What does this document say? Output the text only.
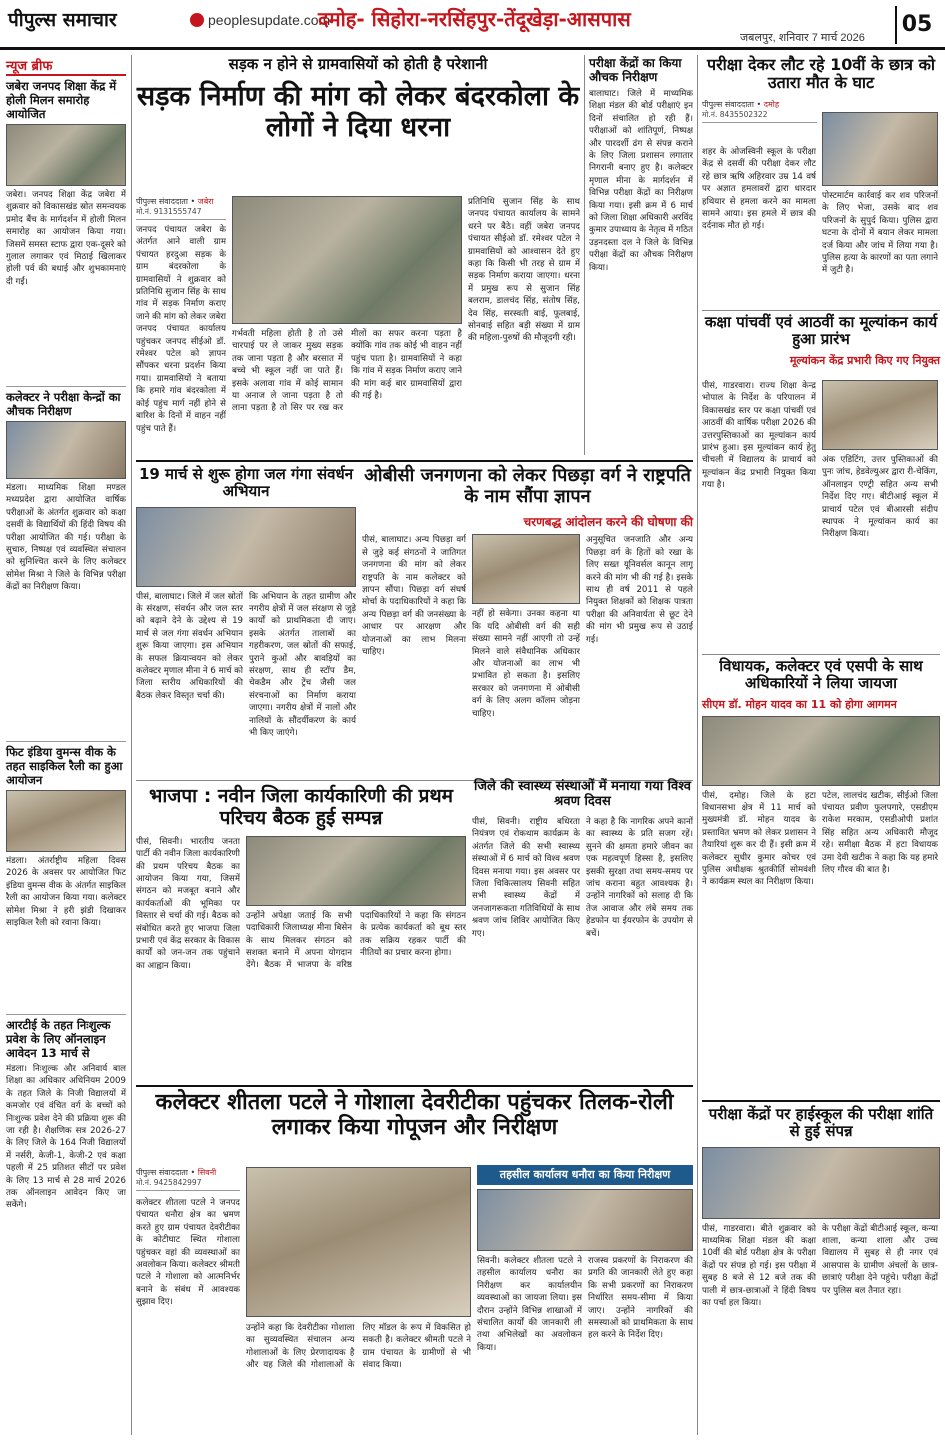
पीपुल्स समाचार	peoplesupdate.com
दमोह- सिहोरा-नरसिंहपुर-तेंदूखेड़ा-आसपास
जबलपुर, शनिवार 7 मार्च 2026
05
न्यूज ब्रीफ
जबेरा जनपद शिक्षा केंद्र में होली मिलन समारोह आयोजित
जबेरा। जनपद शिक्षा केंद्र जबेरा में शुक्रवार को विकासखंड स्रोत समन्वयक प्रमोद बैंच के मार्गदर्शन में होली मिलन समारोह का आयोजन किया गया। जिसमें समस्त स्टाफ द्वारा एक-दूसरे को गुलाल लगाकर एवं मिठाई खिलाकर होली पर्व की बधाई और शुभकामनाएं दी गईं।
कलेक्टर ने परीक्षा केन्द्रों का औचक निरीक्षण
मंडला। माध्यमिक शिक्षा मण्डल मध्यप्रदेश द्वारा आयोजित वार्षिक परीक्षाओं के अंतर्गत शुक्रवार को कक्षा दसवीं के विद्यार्थियों की हिंदी विषय की परीक्षा आयोजित की गई। परीक्षा के सुचारु, निष्पक्ष एवं व्यवस्थित संचालन को सुनिश्चित करने के लिए कलेक्टर सोमेश मिश्रा ने जिले के विभिन्न परीक्षा केंद्रों का निरीक्षण किया।
फिट इंडिया वुमन्स वीक के तहत साइकिल रैली का हुआ आयोजन
मंडला। अंतर्राष्ट्रीय महिला दिवस 2026 के अवसर पर आयोजित फिट इंडिया वुमन्स वीक के अंतर्गत साइकिल रैली का आयोजन किया गया। कलेक्टर सोमेश मिश्रा ने हरी झंडी दिखाकर साइकिल रैली को रवाना किया।
आरटीई के तहत निःशुल्क प्रवेश के लिए ऑनलाइन आवेदन 13 मार्च से
मंडला। निःशुल्क और अनिवार्य बाल शिक्षा का अधिकार अधिनियम 2009 के तहत जिले के निजी विद्यालयों में कमजोर एवं वंचित वर्ग के बच्चों को निःशुल्क प्रवेश देने की प्रक्रिया शुरू की जा रही है। शैक्षणिक सत्र 2026-27 के लिए जिले के 164 निजी विद्यालयों में नर्सरी, केजी-1, केजी-2 एवं कक्षा पहली में 25 प्रतिशत सीटों पर प्रवेश के लिए 13 मार्च से 28 मार्च 2026 तक ऑनलाइन आवेदन किए जा सकेंगे।
सड़क न होने से ग्रामवासियों को होती है परेशानी
सड़क निर्माण की मांग को लेकर बंदरकोला के लोगों ने दिया धरना
पीपुल्स संवाददाता • जबेरा
मो.नं. 9131555747
जनपद पंचायत जबेरा के अंतर्गत आने वाली ग्राम पंचायत हरदुआ सड़क के ग्राम बंदरकोला के ग्रामवासियों ने शुक्रवार को प्रतिनिधि सुजान सिंह के साथ गांव में सड़क निर्माण कराए जाने की मांग को लेकर जबेरा जनपद पंचायत कार्यालय पहुंचकर जनपद सीईओ डॉ. रमेश्वर पटेल को ज्ञापन सौंपकर धरना प्रदर्शन किया गया। ग्रामवासियों ने बताया कि हमारे गांव बंदरकोला में कोई पहुंच मार्ग नहीं होने से बारिश के दिनों में वाहन नहीं पहुंच पाते हैं।
गर्भवती महिला होती है तो उसे चारपाई पर ले जाकर मुख्य सड़क तक जाना पड़ता है और बरसात में बच्चे भी स्कूल नहीं जा पाते हैं। इसके अलावा गांव में कोई सामान या अनाज ले जाना पड़ता है तो लाना पड़ता है तो सिर पर रख कर मीलों का सफर करना पड़ता है क्योंकि गांव तक कोई भी वाहन नहीं पहुंच पाता है। ग्रामवासियों ने कहा कि गांव में सड़क निर्माण कराए जाने की मांग कई बार ग्रामवासियों द्वारा की गई है।
प्रतिनिधि सुजान सिंह के साथ जनपद पंचायत कार्यालय के सामने धरने पर बैठे। वहीं जबेरा जनपद पंचायत सीईओ डॉ. रमेश्वर पटेल ने ग्रामवासियों को आश्वासन देते हुए कहा कि किसी भी तरह से ग्राम में सड़क निर्माण कराया जाएगा। धरना में प्रमुख रूप से सुजान सिंह बलराम, डालचंद सिंह, संतोष सिंह, देव सिंह, सरस्वती बाई, फूलबाई, सोनबाई सहित बड़ी संख्या में ग्राम की महिला-पुरुषों की मौजूदगी रही।
परीक्षा केंद्रों का किया औचक निरीक्षण
बालाघाट। जिले में माध्यमिक शिक्षा मंडल की बोर्ड परीक्षाएं इन दिनों संचालित हो रही हैं। परीक्षाओं को शांतिपूर्ण, निष्पक्ष और पारदर्शी ढंग से संपन्न कराने के लिए जिला प्रशासन लगातार निगरानी बनाए हुए है। कलेक्टर मृणाल मीना के मार्गदर्शन में विभिन्न परीक्षा केंद्रों का निरीक्षण किया गया। इसी क्रम में 6 मार्च को जिला शिक्षा अधिकारी अरविंद कुमार उपाध्याय के नेतृत्व में गठित उड़नदस्ता दल ने जिले के विभिन्न परीक्षा केंद्रों का औचक निरीक्षण किया।
19 मार्च से शुरू होगा जल गंगा संवर्धन अभियान
पीसं, बालाघाट। जिले में जल स्रोतों के संरक्षण, संवर्धन और जल स्तर को बढ़ाने देने के उद्देश्य से 19 मार्च से जल गंगा संवर्धन अभियान शुरू किया जाएगा। इस अभियान के सफल क्रियान्वयन को लेकर कलेक्टर मृणाल मीना ने 6 मार्च को जिला स्तरीय अधिकारियों की बैठक लेकर विस्तृत चर्चा की।
कि अभियान के तहत ग्रामीण और नगरीय क्षेत्रों में जल संरक्षण से जुड़े कार्यों को प्राथमिकता दी जाए। इसके अंतर्गत तालाबों का गहरीकरण, जल स्रोतों की सफाई, पुराने कुओं और बावड़ियों का संरक्षण, साथ ही स्टॉप डैम, चेकडैम और ट्रेंच जैसी जल संरचनाओं का निर्माण कराया जाएगा। नगरीय क्षेत्रों में नालों और नालियों के सौंदर्यीकरण के कार्य भी किए जाएंगे।
ओबीसी जनगणना को लेकर पिछड़ा वर्ग ने राष्ट्रपति के नाम सौंपा ज्ञापन
चरणबद्ध आंदोलन करने की घोषणा की
पीसं, बालाघाट। अन्य पिछड़ा वर्ग से जुड़े कई संगठनों ने जातिगत जनगणना की मांग को लेकर राष्ट्रपति के नाम कलेक्टर को ज्ञापन सौंपा। पिछड़ा वर्ग संघर्ष मोर्चा के पदाधिकारियों ने कहा कि अन्य पिछड़ा वर्ग की जनसंख्या के आधार पर आरक्षण और योजनाओं का लाभ मिलना चाहिए।
नहीं हो सकेगा। उनका कहना था कि यदि ओबीसी वर्ग की सही संख्या सामने नहीं आएगी तो उन्हें मिलने वाले संवैधानिक अधिकार और योजनाओं का लाभ भी प्रभावित हो सकता है। इसलिए सरकार को जनगणना में ओबीसी वर्ग के लिए अलग कॉलम जोड़ना चाहिए।
अनुसूचित जनजाति और अन्य पिछड़ा वर्ग के हितों को रखा के लिए सख्त यूनिवर्सल कानून लागू करने की मांग भी की गई है। इसके साथ ही वर्ष 2011 से पहले नियुक्त शिक्षकों को शिक्षक पात्रता परीक्षा की अनिवार्यता से छूट देने की मांग भी प्रमुख रूप से उठाई गई।
भाजपा : नवीन जिला कार्यकारिणी की प्रथम परिचय बैठक हुई सम्पन्न
पीसं, सिवनी। भारतीय जनता पार्टी की नवीन जिला कार्यकारिणी की प्रथम परिचय बैठक का आयोजन किया गया, जिसमें संगठन को मजबूत बनाने और कार्यकर्ताओं की भूमिका पर विस्तार से चर्चा की गई। बैठक को संबोधित करते हुए भाजपा जिला प्रभारी एवं केंद्र सरकार के विकास कार्यों को जन-जन तक पहुंचाने का आह्वान किया।
उन्होंने अपेक्षा जताई कि सभी पदाधिकारी जिलाध्यक्ष मीना बिसेन के साथ मिलकर संगठन को सशक्त बनाने में अपना योगदान देंगे। बैठक में भाजपा के वरिष्ठ पदाधिकारियों ने कहा कि संगठन के प्रत्येक कार्यकर्ता को बूथ स्तर तक सक्रिय रहकर पार्टी की नीतियों का प्रचार करना होगा।
जिले की स्वास्थ्य संस्थाओं में मनाया गया विश्व श्रवण दिवस
पीसं, सिवनी। राष्ट्रीय बधिरता नियंत्रण एवं रोकथाम कार्यक्रम के अंतर्गत जिले की सभी स्वास्थ्य संस्थाओं में 6 मार्च को विश्व श्रवण दिवस मनाया गया। इस अवसर पर जिला चिकित्सालय सिवनी सहित सभी स्वास्थ्य केंद्रों में जनजागरूकता गतिविधियों के साथ श्रवण जांच शिविर आयोजित किए गए।
ने कहा है कि नागरिक अपने कानों का स्वास्थ्य के प्रति सजग रहें। सुनने की क्षमता हमारे जीवन का एक महत्वपूर्ण हिस्सा है, इसलिए इसकी सुरक्षा तथा समय-समय पर जांच कराना बहुत आवश्यक है। उन्होंने नागरिकों को सलाह दी कि तेज आवाज और लंबे समय तक हेडफोन या ईयरफोन के उपयोग से बचें।
कलेक्टर शीतला पटले ने गोशाला देवरीटीका पहुंचकर तिलक-रोली लगाकर किया गोपूजन और निरीक्षण
पीपुल्स संवाददाता • सिवनी
मो.नं. 9425842997
कलेक्टर शीतला पटले ने जनपद पंचायत धनौरा क्षेत्र का भ्रमण करते हुए ग्राम पंचायत देवरीटीका के कोटीघाट स्थित गोशाला पहुंचकर वहां की व्यवस्थाओं का अवलोकन किया। कलेक्टर श्रीमती पटले ने गोशाला को आत्मनिर्भर बनाने के संबंध में आवश्यक सुझाव दिए।
उन्होंने कहा कि देवरीटीका गोशाला का सुव्यवस्थित संचालन अन्य गोशालाओं के लिए प्रेरणादायक है और यह जिले की गोशालाओं के लिए मॉडल के रूप में विकसित हो सकती है। कलेक्टर श्रीमती पटले ने ग्राम पंचायत के ग्रामीणों से भी संवाद किया।
तहसील कार्यालय धनौरा का किया निरीक्षण
सिवनी। कलेक्टर शीतला पटले ने तहसील कार्यालय धनौरा का निरीक्षण कर कार्यालयीन व्यवस्थाओं का जायजा लिया। इस दौरान उन्होंने विभिन्न शाखाओं में संचालित कार्यों की जानकारी ली तथा अभिलेखों का अवलोकन किया।
राजस्व प्रकरणों के निराकरण की प्रगति की जानकारी लेते हुए कहा कि सभी प्रकरणों का निराकरण निर्धारित समय-सीमा में किया जाए। उन्होंने नागरिकों की समस्याओं को प्राथमिकता के साथ हल करने के निर्देश दिए।
परीक्षा देकर लौट रहे 10वीं के छात्र को उतारा मौत के घाट
पीपुल्स संवाददाता • दमोह
मो.नं. 8435502322
शहर के ओजस्विनी स्कूल के परीक्षा केंद्र से दसवीं की परीक्षा देकर लौट रहे छात्र ऋषि अहिरवार उम्र 14 वर्ष पर अज्ञात हमलावरों द्वारा धारदार हथियार से हमला करने का मामला सामने आया। इस हमले में छात्र की दर्दनाक मौत हो गई।
पोस्टमार्टम कार्रवाई कर शव परिजनों के लिए भेजा, उसके बाद शव परिजनों के सुपुर्द किया। पुलिस द्वारा घटना के दोनों में बयान लेकर मामला दर्ज किया और जांच में लिया गया है। पुलिस हत्या के कारणों का पता लगाने में जुटी है।
कक्षा पांचवीं एवं आठवीं का मूल्यांकन कार्य हुआ प्रारंभ
मूल्यांकन केंद्र प्रभारी किए गए नियुक्त
पीसं, गाडरवारा। राज्य शिक्षा केन्द्र भोपाल के निर्देश के परिपालन में विकासखंड स्तर पर कक्षा पांचवीं एवं आठवीं की वार्षिक परीक्षा 2026 की उत्तरपुस्तिकाओं का मूल्यांकन कार्य प्रारंभ हुआ। इस मूल्यांकन कार्य हेतु चीचली में विद्यालय के प्राचार्य को मूल्यांकन केंद्र प्रभारी नियुक्त किया गया है।
अंक एडिटिंग, उत्तर पुस्तिकाओं की पुनः जांच, हेडवेल्युअर द्वारा री-चेकिंग, ऑनलाइन एण्ट्री सहित अन्य सभी निर्देश दिए गए। बीटीआई स्कूल में प्राचार्य पटेल एवं बीआरसी संदीप स्थापक ने मूल्यांकन कार्य का निरीक्षण किया।
विधायक, कलेक्टर एवं एसपी के साथ अधिकारियों ने लिया जायजा
सीएम डॉ. मोहन यादव का 11 को होगा आगमन
पीसं, दमोह। जिले के हटा विधानसभा क्षेत्र में 11 मार्च को मुख्यमंत्री डॉ. मोहन यादव के प्रस्तावित भ्रमण को लेकर प्रशासन ने तैयारियां शुरू कर दी हैं। इसी क्रम में कलेक्टर सुधीर कुमार कोचर एवं पुलिस अधीक्षक श्रुतकीर्ति सोमवंशी ने कार्यक्रम स्थल का निरीक्षण किया।
पटेल, लालचंद खटीक, सीईओ जिला पंचायत प्रवीण फुलपगारे, एसडीएम राकेश मरकाम, एसडीओपी प्रशांत सिंह सहित अन्य अधिकारी मौजूद रहे। समीक्षा बैठक में हटा विधायक उमा देवी खटीक ने कहा कि यह हमारे लिए गौरव की बात है।
परीक्षा केंद्रों पर हाईस्कूल की परीक्षा शांति से हुई संपन्न
पीसं, गाडरवारा। बीते शुक्रवार को माध्यमिक शिक्षा मंडल की कक्षा 10वीं की बोर्ड परीक्षा क्षेत्र के परीक्षा केंद्रों पर संपन्न हो गई। इस परीक्षा में सुबह 8 बजे से 12 बजे तक की पाली में छात्र-छात्राओं ने हिंदी विषय का पर्चा हल किया।
के परीक्षा केंद्रों बीटीआई स्कूल, कन्या शाला, कन्या शाला और उच्च विद्यालय में सुबह से ही नगर एवं आसपास के ग्रामीण अंचलों के छात्र-छात्राएं परीक्षा देने पहुंचे। परीक्षा केंद्रों पर पुलिस बल तैनात रहा।
